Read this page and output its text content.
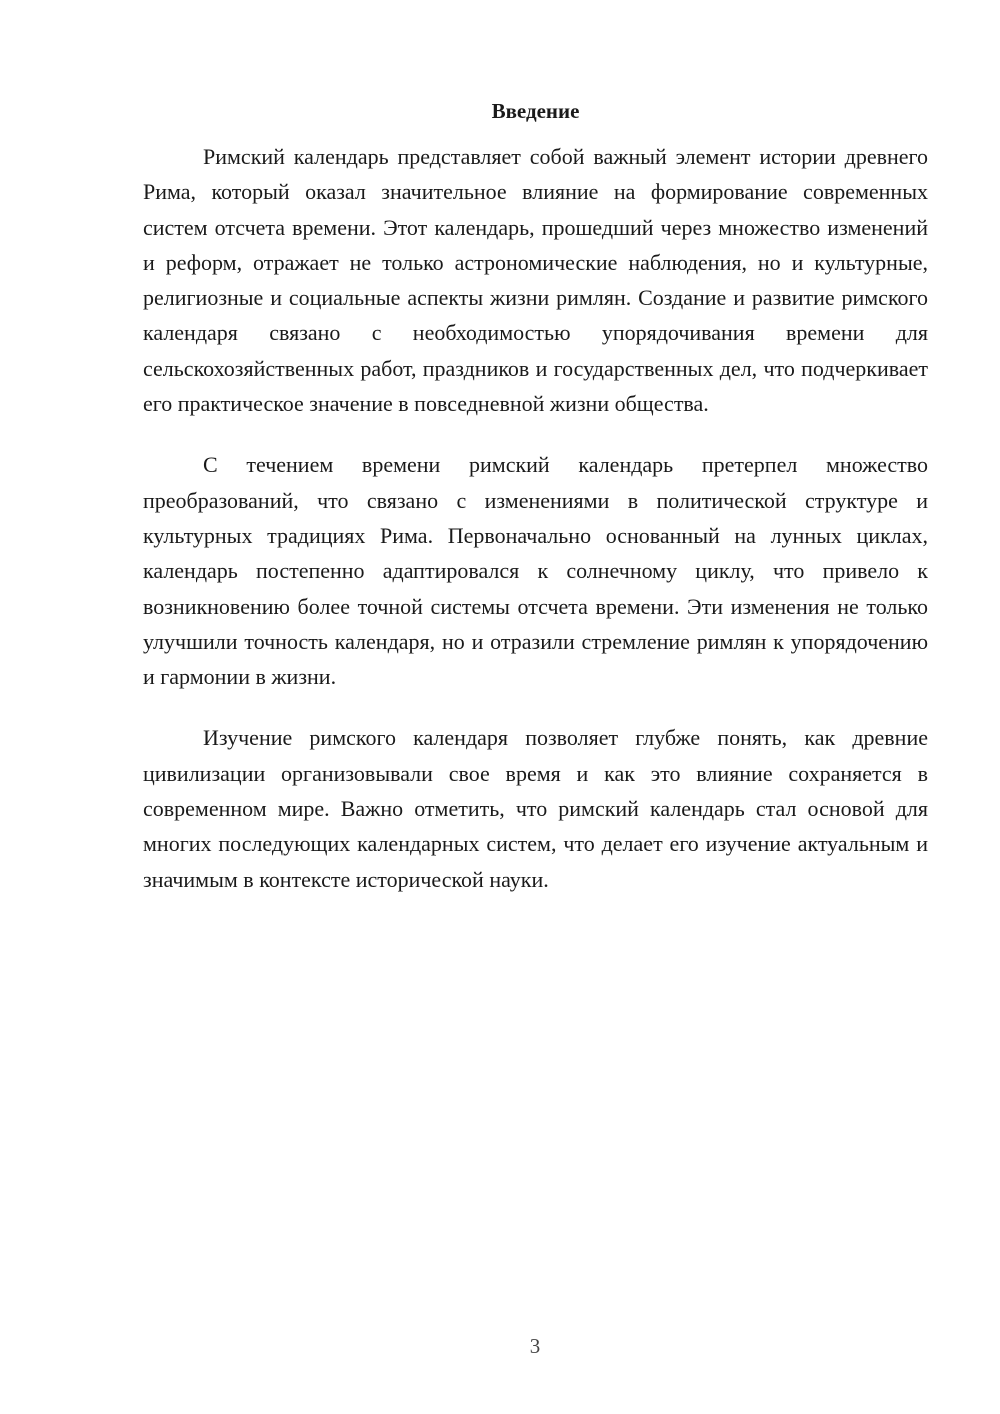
Введение

Римский календарь представляет собой важный элемент истории древнего Рима, который оказал значительное влияние на формирование современных систем отсчета времени. Этот календарь, прошедший через множество изменений и реформ, отражает не только астрономические наблюдения, но и культурные, религиозные и социальные аспекты жизни римлян. Создание и развитие римского календаря связано с необходимостью упорядочивания времени для сельскохозяйственных работ, праздников и государственных дел, что подчеркивает его практическое значение в повседневной жизни общества.

С течением времени римский календарь претерпел множество преобразований, что связано с изменениями в политической структуре и культурных традициях Рима. Первоначально основанный на лунных циклах, календарь постепенно адаптировался к солнечному циклу, что привело к возникновению более точной системы отсчета времени. Эти изменения не только улучшили точность календаря, но и отразили стремление римлян к упорядочению и гармонии в жизни.

Изучение римского календаря позволяет глубже понять, как древние цивилизации организовывали свое время и как это влияние сохраняется в современном мире. Важно отметить, что римский календарь стал основой для многих последующих календарных систем, что делает его изучение актуальным и значимым в контексте исторической науки.

3
